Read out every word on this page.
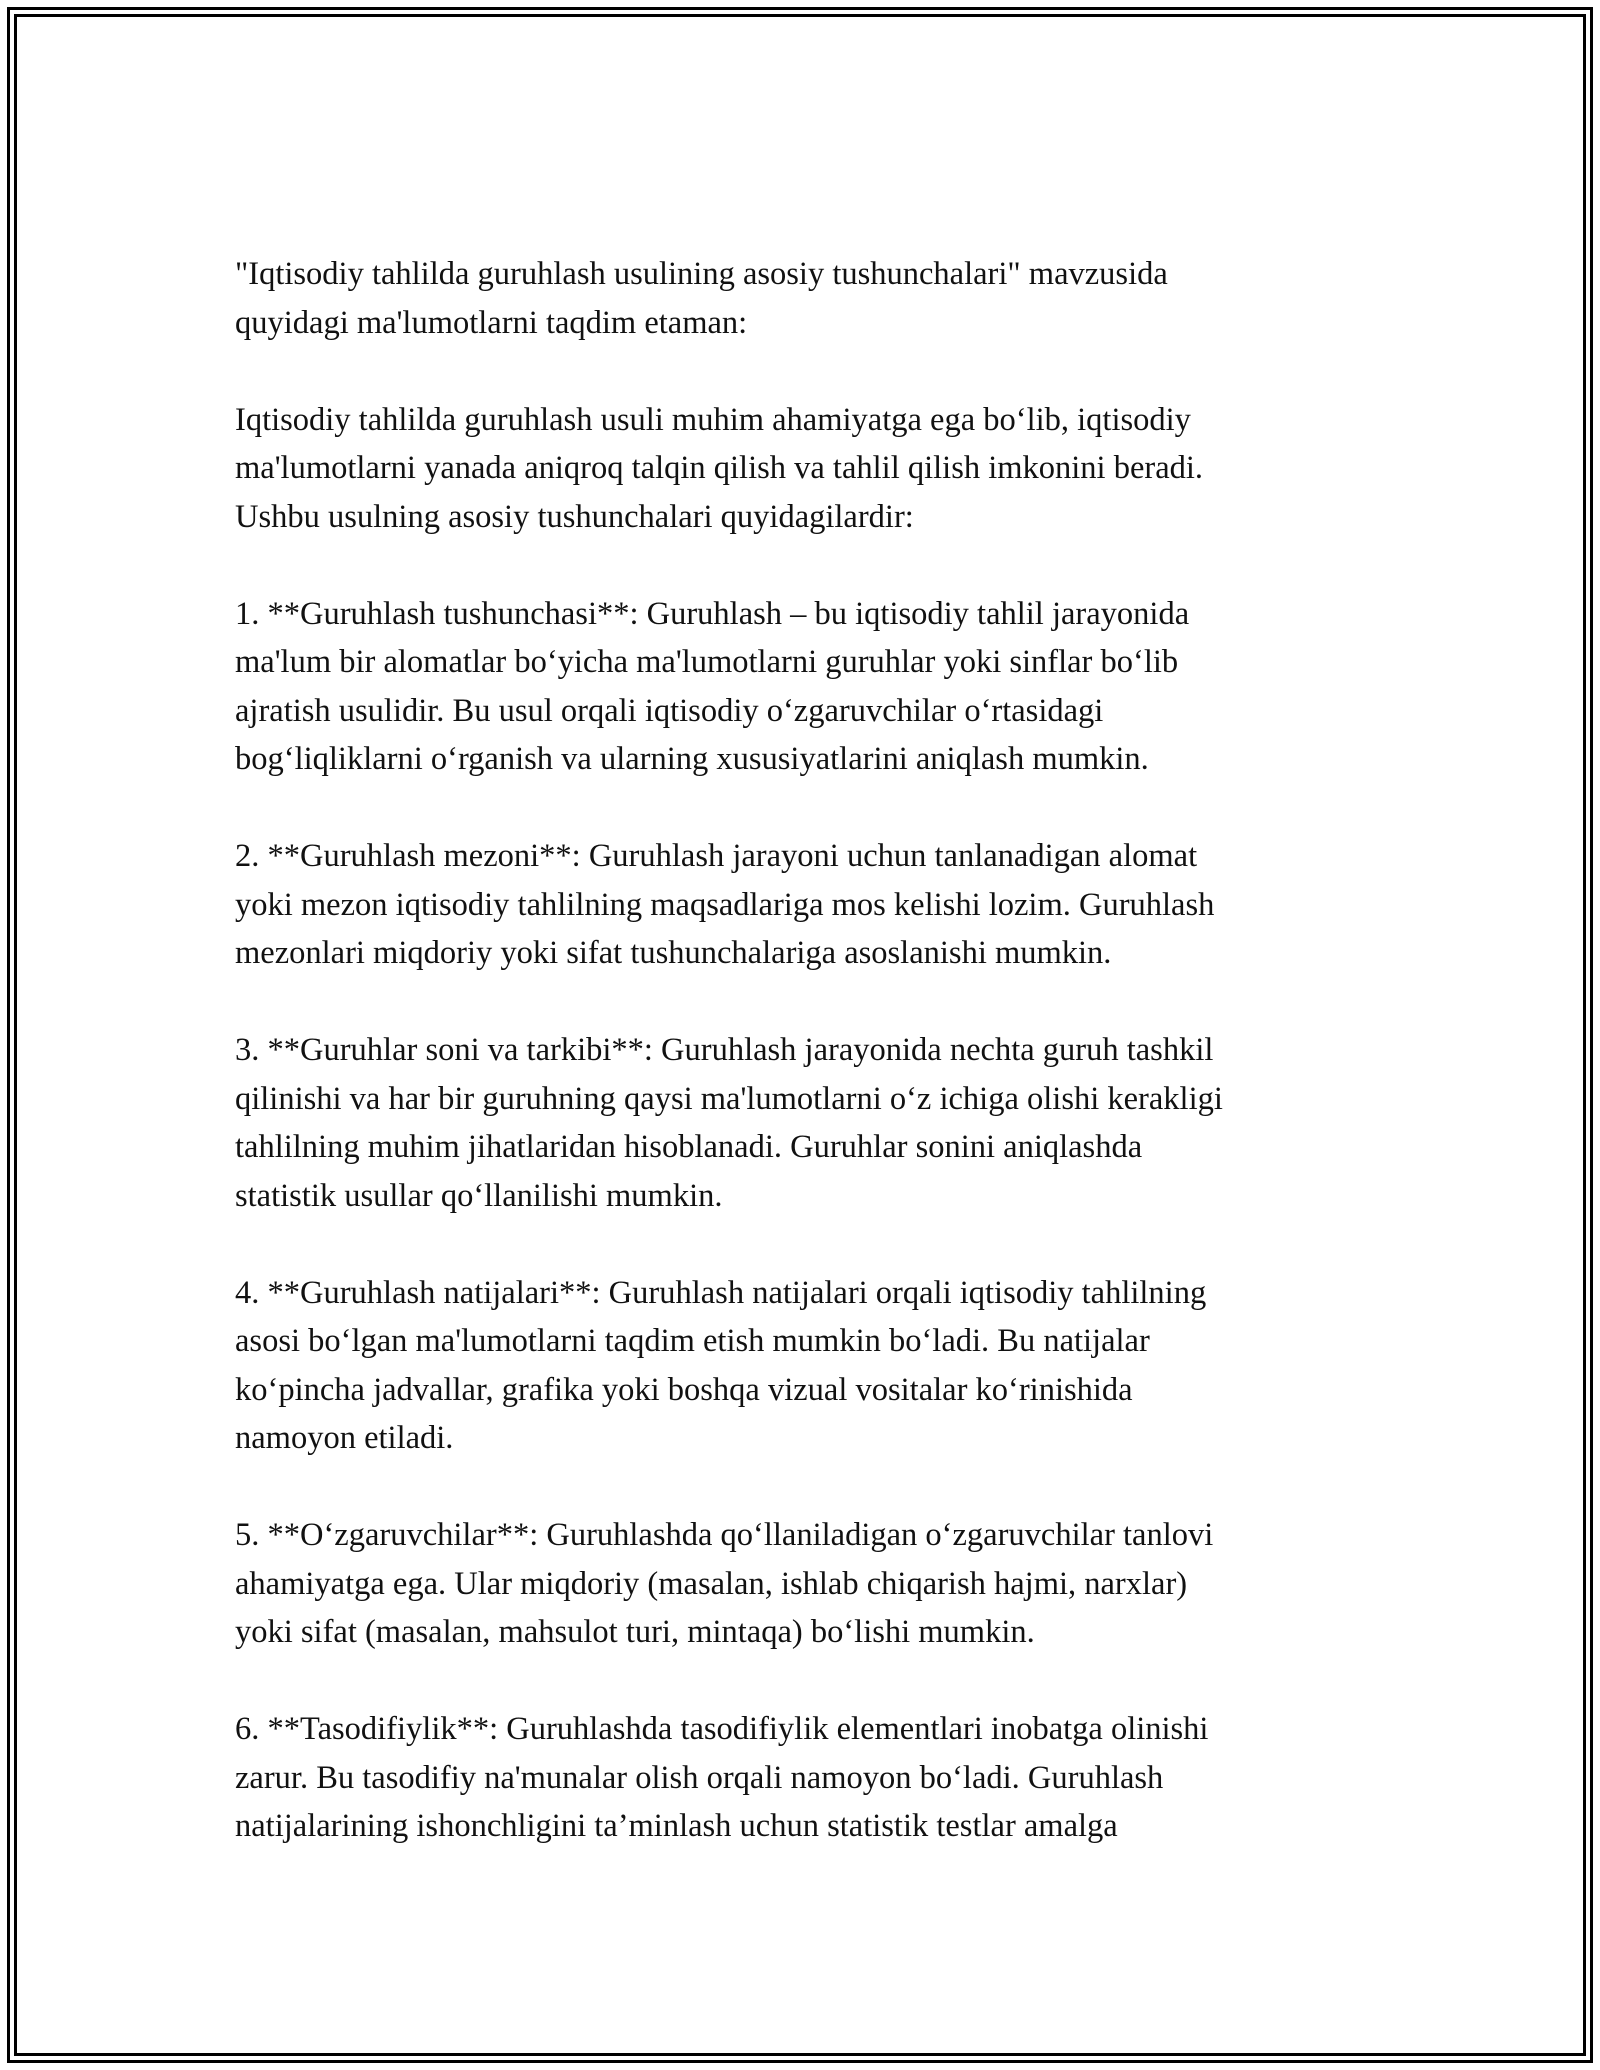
"Iqtisodiy tahlilda guruhlash usulining asosiy tushunchalari" mavzusida
quyidagi ma'lumotlarni taqdim etaman:

Iqtisodiy tahlilda guruhlash usuli muhim ahamiyatga ega boʻlib, iqtisodiy
ma'lumotlarni yanada aniqroq talqin qilish va tahlil qilish imkonini beradi.
Ushbu usulning asosiy tushunchalari quyidagilardir:

1. **Guruhlash tushunchasi**: Guruhlash – bu iqtisodiy tahlil jarayonida
ma'lum bir alomatlar boʻyicha ma'lumotlarni guruhlar yoki sinflar boʻlib
ajratish usulidir. Bu usul orqali iqtisodiy oʻzgaruvchilar oʻrtasidagi
bogʻliqliklarni oʻrganish va ularning xususiyatlarini aniqlash mumkin.

2. **Guruhlash mezoni**: Guruhlash jarayoni uchun tanlanadigan alomat
yoki mezon iqtisodiy tahlilning maqsadlariga mos kelishi lozim. Guruhlash
mezonlari miqdoriy yoki sifat tushunchalariga asoslanishi mumkin.

3. **Guruhlar soni va tarkibi**: Guruhlash jarayonida nechta guruh tashkil
qilinishi va har bir guruhning qaysi ma'lumotlarni oʻz ichiga olishi kerakligi
tahlilning muhim jihatlaridan hisoblanadi. Guruhlar sonini aniqlashda
statistik usullar qoʻllanilishi mumkin.

4. **Guruhlash natijalari**: Guruhlash natijalari orqali iqtisodiy tahlilning
asosi boʻlgan ma'lumotlarni taqdim etish mumkin boʻladi. Bu natijalar
koʻpincha jadvallar, grafika yoki boshqa vizual vositalar koʻrinishida
namoyon etiladi.

5. **Oʻzgaruvchilar**: Guruhlashda qoʻllaniladigan oʻzgaruvchilar tanlovi
ahamiyatga ega. Ular miqdoriy (masalan, ishlab chiqarish hajmi, narxlar)
yoki sifat (masalan, mahsulot turi, mintaqa) boʻlishi mumkin.

6. **Tasodifiylik**: Guruhlashda tasodifiylik elementlari inobatga olinishi
zarur. Bu tasodifiy na'munalar olish orqali namoyon boʻladi. Guruhlash
natijalarining ishonchligini ta’minlash uchun statistik testlar amalga
